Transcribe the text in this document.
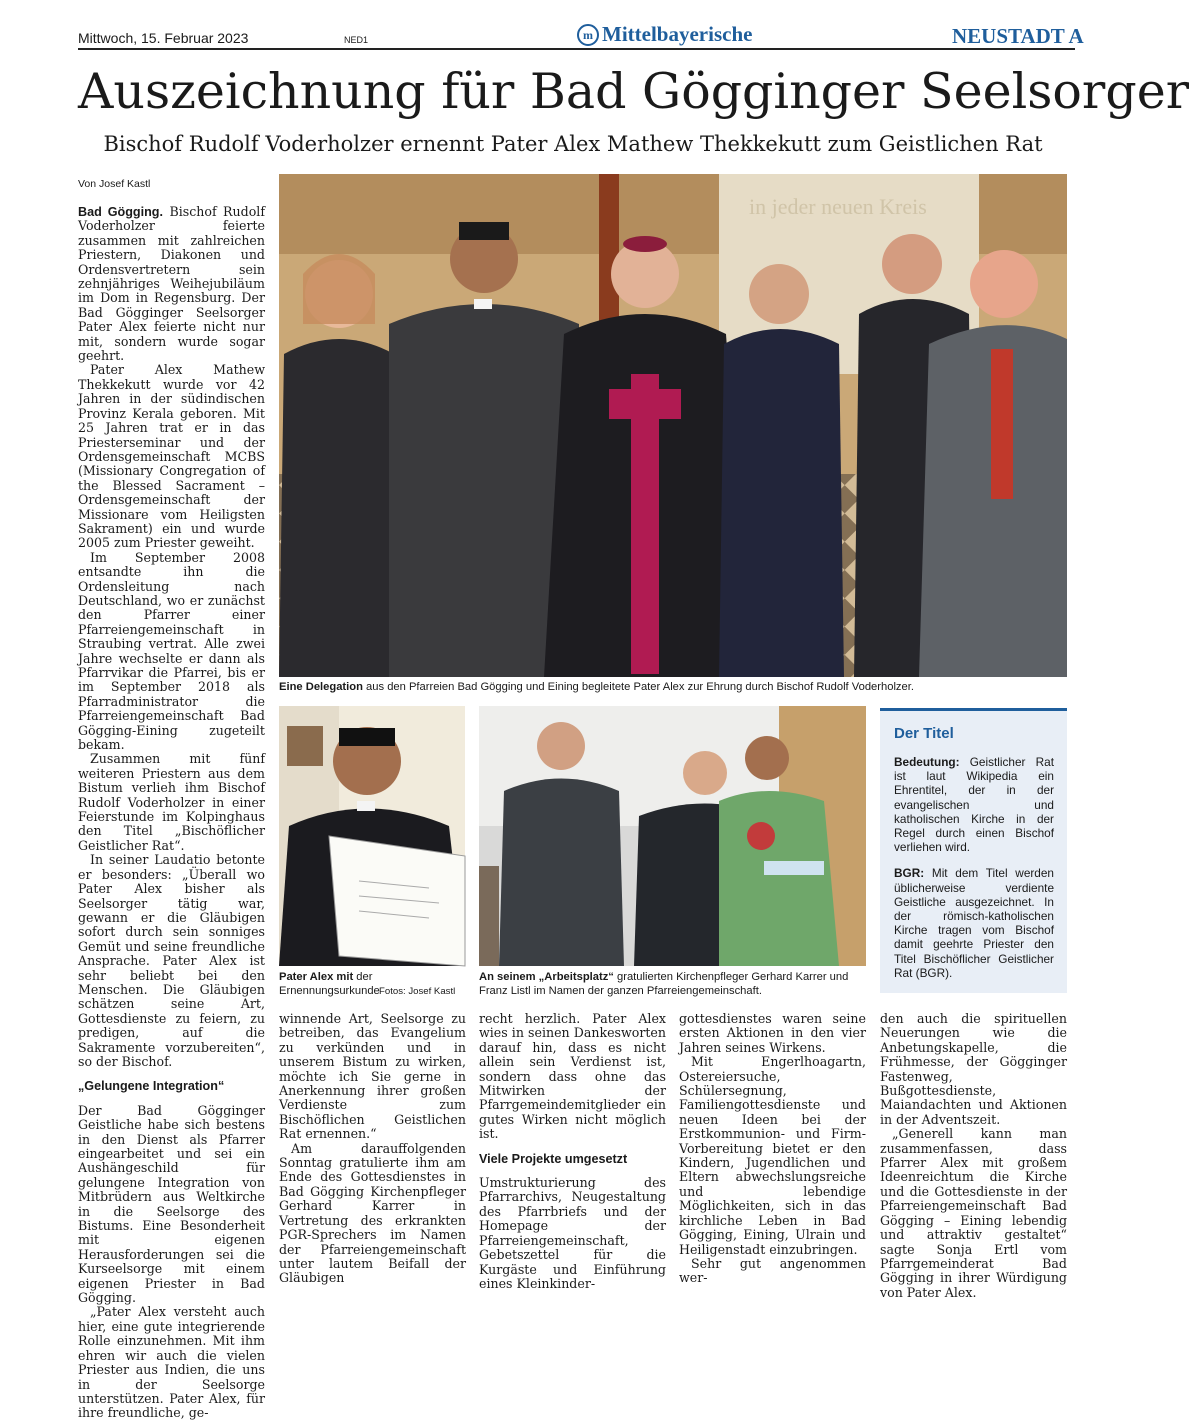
Mittwoch, 15. Februar 2023	NED1	m Mittelbayerische	NEUSTADT A
Auszeichnung für Bad Gögginger Seelsorger
Bischof Rudolf Voderholzer ernennt Pater Alex Mathew Thekkekutt zum Geistlichen Rat
Von Josef Kastl
in jeder neuen Kreis
Eine Delegation aus den Pfarreien Bad Gögging und Eining begleitete Pater Alex zur Ehrung durch Bischof Rudolf Voderholzer.
Pater Alex mit der Ernennungsurkunde Fotos: Josef Kastl
An seinem „Arbeitsplatz“ gratulierten Kirchenpfleger Gerhard Karrer und Franz Listl im Namen der ganzen Pfarreiengemeinschaft.
Der Titel

Bedeutung: Geistlicher Rat ist laut Wikipedia ein Ehrentitel, der in der evangelischen und katholischen Kirche in der Regel durch einen Bischof verliehen wird.

BGR: Mit dem Titel werden üblicherweise verdiente Geistliche ausgezeichnet. In der römisch-katholischen Kirche tragen vom Bischof damit geehrte Priester den Titel Bischöflicher Geistlicher Rat (BGR).

Bad Gögging. Bischof Rudolf Voderholzer feierte zusammen mit zahlreichen Priestern, Diakonen und Ordensvertretern sein zehnjähriges Weihejubiläum im Dom in Regensburg. Der Bad Gögginger Seelsorger Pater Alex feierte nicht nur mit, sondern wurde sogar geehrt.

Pater Alex Mathew Thekkekutt wurde vor 42 Jahren in der südindischen Provinz Kerala geboren. Mit 25 Jahren trat er in das Priesterseminar und der Ordensgemeinschaft MCBS (Missionary Congregation of the Blessed Sacrament – Ordensgemeinschaft der Missionare vom Heiligsten Sakrament) ein und wurde 2005 zum Priester geweiht.

Im September 2008 entsandte ihn die Ordensleitung nach Deutschland, wo er zunächst den Pfarrer einer Pfarreiengemeinschaft in Straubing vertrat. Alle zwei Jahre wechselte er dann als Pfarrvikar die Pfarrei, bis er im September 2018 als Pfarradministrator die Pfarreiengemeinschaft Bad Gögging-Eining zugeteilt bekam.

Zusammen mit fünf weiteren Priestern aus dem Bistum verlieh ihm Bischof Rudolf Voderholzer in einer Feierstunde im Kolpinghaus den Titel „Bischöflicher Geistlicher Rat“.

In seiner Laudatio betonte er besonders: „Überall wo Pater Alex bisher als Seelsorger tätig war, gewann er die Gläubigen sofort durch sein sonniges Gemüt und seine freundliche Ansprache. Pater Alex ist sehr beliebt bei den Menschen. Die Gläubigen schätzen seine Art, Gottesdienste zu feiern, zu predigen, auf die Sakramente vorzubereiten“, so der Bischof.

„Gelungene Integration“

Der Bad Gögginger Geistliche habe sich bestens in den Dienst als Pfarrer eingearbeitet und sei ein Aushängeschild für gelungene Integration von Mitbrüdern aus Weltkirche in die Seelsorge des Bistums. Eine Besonderheit mit eigenen Herausforderungen sei die Kurseelsorge mit einem eigenen Priester in Bad Gögging.

„Pater Alex versteht auch hier, eine gute integrierende Rolle einzunehmen. Mit ihm ehren wir auch die vielen Priester aus Indien, die uns in der Seelsorge unterstützen. Pater Alex, für ihre freundliche, ge-

winnende Art, Seelsorge zu betreiben, das Evangelium zu verkünden und in unserem Bistum zu wirken, möchte ich Sie gerne in Anerkennung ihrer großen Verdienste zum Bischöflichen Geistlichen Rat ernennen.“

Am darauffolgenden Sonntag gratulierte ihm am Ende des Gottesdienstes in Bad Gögging Kirchenpfleger Gerhard Karrer in Vertretung des erkrankten PGR-Sprechers im Namen der Pfarreiengemeinschaft unter lautem Beifall der Gläubigen

recht herzlich. Pater Alex wies in seinen Dankesworten darauf hin, dass es nicht allein sein Verdienst ist, sondern dass ohne das Mitwirken der Pfarrgemeindemitglieder ein gutes Wirken nicht möglich ist.

Viele Projekte umgesetzt

Umstrukturierung des Pfarrarchivs, Neugestaltung des Pfarrbriefs und der Homepage der Pfarreiengemeinschaft, Gebetszettel für die Kurgäste und Einführung eines Kleinkinder-

gottesdienstes waren seine ersten Aktionen in den vier Jahren seines Wirkens.

Mit Engerlhoagartn, Ostereiersuche, Schülersegnung, Familiengottesdienste und neuen Ideen bei der Erstkommunion- und Firm-Vorbereitung bietet er den Kindern, Jugendlichen und Eltern abwechslungsreiche und lebendige Möglichkeiten, sich in das kirchliche Leben in Bad Gögging, Eining, Ulrain und Heiligenstadt einzubringen.

Sehr gut angenommen wer-

den auch die spirituellen Neuerungen wie die Anbetungskapelle, die Frühmesse, der Gögginger Fastenweg, Bußgottesdienste, Maiandachten und Aktionen in der Adventszeit.

„Generell kann man zusammenfassen, dass Pfarrer Alex mit großem Ideenreichtum die Kirche und die Gottesdienste in der Pfarreiengemeinschaft Bad Gögging – Eining lebendig und attraktiv gestaltet“ sagte Sonja Ertl vom Pfarrgemeinderat Bad Gögging in ihrer Würdigung von Pater Alex.
